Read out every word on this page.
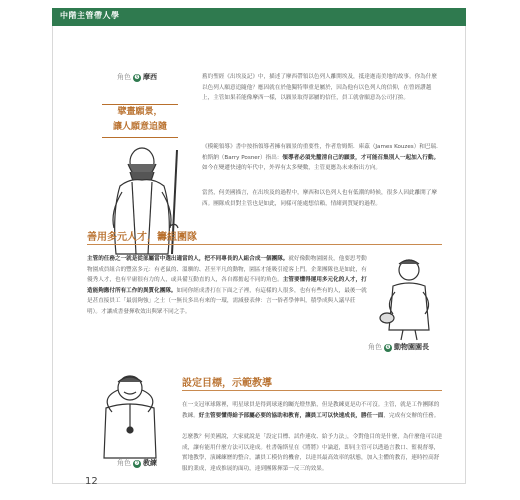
中階主管帶人學
角色 ❺ 摩西
擘畫願景，
讓人願意追隨

舊約聖經《出埃及記》中，描述了摩西帶領以色列人離開埃及，抵達迦南美地的故事。你為什麼以色列人願意追隨他？應因就在於他獨特舉重是屬於，因為他有以色列人的信仰，在曾經讚越上，主管如果若能像摩西一樣，以願景取得部屬的信任，員工就會願意為公司打拚。

《模範領導》書中按指領導者擁有願景的重要性，作者詹姆斯．庫茲（James Kouzes）和巴瑞．柏斯納（Barry Posner）指出：領導者必須先釐清自己的願景，才可能召集別人一起加入行動。如今在變遷快速的年代中，外界有太多變數，主管更應為未來指出方向。

當然，何美國描言，在出埃及的過程中，摩西和以色列人也有低潮的時候，很多人因此離開了摩西。團隊成員對主管也是如此，同樣可能處想信賴，情緒到質疑的過程。

善用多元人才，籌組團隊

主管的任務之一就是從部屬當中選出適當的人，把不同專長的人組合成一個團隊。就好像動物園園長，他要思考動物園成員組合的豐富多元：有老鼠的、溫馴的、甚至平凡的動物，園區才能吸引遊客上門。企業團隊也是如此，有優秀人才，也有平庸很有力的人，或具備互動直的人，各自都擔起不同的角色。主管要懂得運用多元化的人才，打造能夠應付所有工作的異質化團隊。如同你經成書打在下面之子裡，有這樣的人很多，也有有些有的人，最後一就是甚直接員工「最弱夠強」之士（一無長多出有來的一環，需減發表伸：言一俗者學伸叫，積學成與人議早莊明）。才讓成書發揮收效出與眾不同之手。

角色 ❻ 動物園園長
角色 ❼ 教練
設定目標，示範教導

在一支冠軍球隊裡，明星球員是得到球迷的矚光燈焦點，但是教練更是功不可沒。主管，就是工作團隊的教練。好主管要懂得給予部屬必要的協助和教育，讓員工可以快速成長，勝任一面，完成有交辦的任務。

怎麼教？何美國說，大家就說是「設定目標、試作連攻、給予力法」，令對他目的是什麼，為什麼他可以達成，讓有能用什麼方法可以達成。杜書翰斯星在《將將》中論道，即同主管可以透過言教口、監視督導，實地教學，演練練歷的整合，讓員工模仿的機會，以達其最高效率的狀態，加入主體的教育，連時控高舒服的業成，達成推展的面功，達到團隊揮第一反三的效果。

12
